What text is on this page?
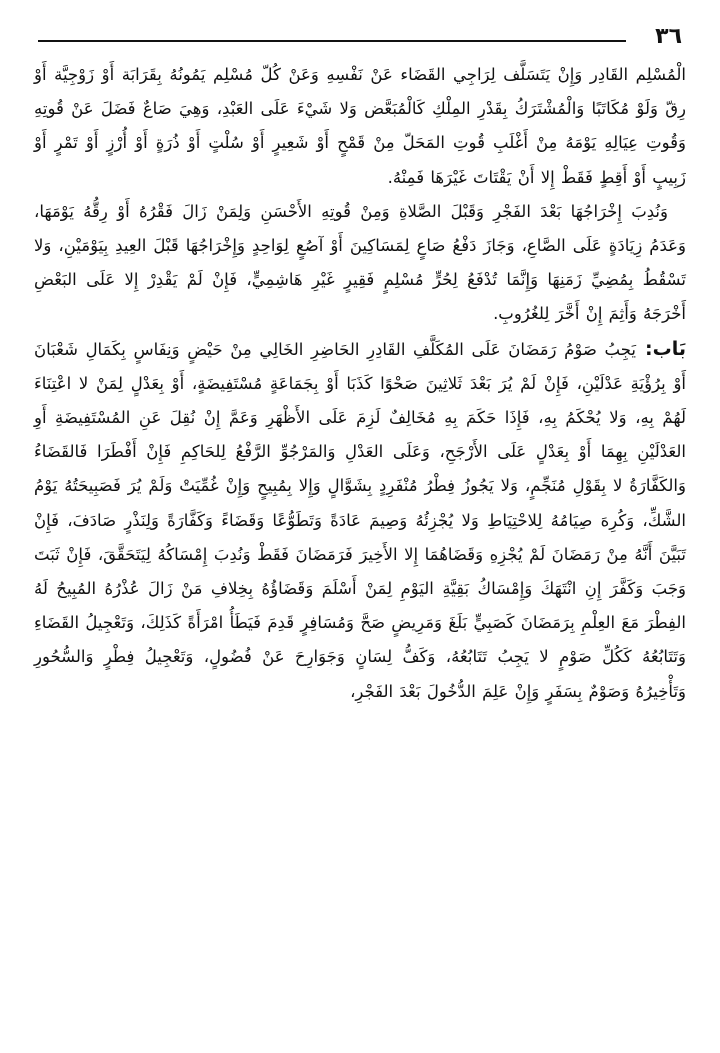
٣٦

الْمُسْلِم القَادِر وَإِنْ يَتَسَلَّف لِرَاجِي القَضَاء عَنْ نَفْسِهِ وَعَنْ كُلّ مُسْلِم يَمُونُهُ بِقَرَابَة أَوْ زَوْجِيَّة أَوْ رِقّ وَلَوْ مُكَاتَبًا وَالْمُشْتَرَكُ بِقَدْرِ المِلْكِ كَالْمُبَعَّض وَلا شَيْءَ عَلَى العَبْدِ، وَهِيَ صَاعٌ فَضَلَ عَنْ قُوتِهِ وَقُوتِ عِيَالِهِ يَوْمَهُ مِنْ أَغْلَبِ قُوتِ المَحَلّ مِنْ قَمْحٍ أَوْ شَعِيرٍ أَوْ سُلْتٍ أَوْ ذُرَةٍ أَوْ أُرْزٍ أَوْ تَمْرٍ أَوْ زَبِيبٍ أَوْ أَقِطٍ فَقَطْ إِلا أَنْ يَقْتَاتَ غَيْرَهَا فَمِنْهُ.

وَنُدِبَ إِخْرَاجُهَا بَعْدَ الفَجْرِ وَقَبْلَ الصَّلاةِ وَمِنْ قُوتِهِ الأَحْسَنِ وَلِمَنْ زَالَ فَقْرُهُ أَوْ رِقُّهُ يَوْمَهَا، وَعَدَمُ زِيَادَةٍ عَلَى الصَّاعِ، وَجَازَ دَفْعُ صَاعٍ لِمَسَاكِينَ أَوْ آصُعٍ لِوَاحِدٍ وَإِخْرَاجُهَا قَبْلَ العِيدِ بِيَوْمَيْنِ، وَلا تَسْقُطُ بِمُضِيِّ زَمَنِهَا وَإِنَّمَا تُدْفَعُ لِحُرٍّ مُسْلِمٍ فَقِيرٍ غَيْرِ هَاشِمِيٍّ، فَإِنْ لَمْ يَقْدِرْ إِلا عَلَى البَعْضِ أَخْرَجَهُ وَأَثِمَ إِنْ أَخَّرَ لِلغُرُوبِ.

بَاب: يَجِبُ صَوْمُ رَمَضَانَ عَلَى المُكَلَّفِ القَادِرِ الحَاضِرِ الخَالِي مِنْ حَيْضٍ وَنِفَاسٍ بِكَمَالِ شَعْبَانَ أَوْ بِرُؤْيَةِ عَدْلَيْنِ، فَإِنْ لَمْ يُرَ بَعْدَ ثَلاثِينَ صَحْوًا كَذَبَا أَوْ بِجَمَاعَةٍ مُسْتَفِيضَةٍ، أَوْ بِعَدْلٍ لِمَنْ لا اعْتِنَاءَ لَهُمْ بِهِ، وَلا يُحْكَمُ بِهِ، فَإِذَا حَكَمَ بِهِ مُخَالِفٌ لَزِمَ عَلَى الأَظْهَرِ وَعَمَّ إِنْ نُقِلَ عَنِ المُسْتَفِيضَةِ أَوِ العَدْلَيْنِ بِهِمَا أَوْ بِعَدْلٍ عَلَى الأَرْجَحِ، وَعَلَى العَدْلِ وَالمَرْجُوِّ الرَّفْعُ لِلحَاكِمِ فَإِنْ أَفْطَرَا فَالقَضَاءُ وَالكَفَّارَةُ لا بِقَوْلِ مُنَجِّمٍ، وَلا يَجُوزُ فِطْرُ مُنْفَرِدٍ بِشَوَّالٍ وَإِلا بِمُبِيحٍ وَإِنْ غُمِّيَتْ وَلَمْ يُرَ فَصَبِيحَتُهُ يَوْمُ الشَّكِّ، وَكُرِهَ صِيَامُهُ لِلاحْتِيَاطِ وَلا يُجْزِئُهُ وَصِيمَ عَادَةً وَتَطَوُّعًا وَقَضَاءً وَكَفَّارَةً وَلِنَذْرٍ صَادَفَ، فَإِنْ تَبَيَّنَ أَنَّهُ مِنْ رَمَضَانَ لَمْ يُجْزِهِ وَقَضَاهُمَا إِلا الأَخِيرَ فَرَمَضَانَ فَقَطْ وَنُدِبَ إِمْسَاكُهُ لِيَتَحَقَّقَ، فَإِنْ ثَبَتَ وَجَبَ وَكَفَّرَ إِنِ انْتَهَكَ وَإِمْسَاكُ بَقِيَّةِ اليَوْمِ لِمَنْ أَسْلَمَ وَقَضَاؤُهُ بِخِلافِ مَنْ زَالَ عُذْرُهُ المُبِيحُ لَهُ الفِطْرَ مَعَ العِلْمِ بِرَمَضَانَ كَصَبِيٍّ بَلَغَ وَمَرِيضٍ صَحَّ وَمُسَافِرٍ قَدِمَ فَيَطَأُ امْرَأَةً كَذَلِكَ، وَتَعْجِيلُ القَضَاءِ وَتَتَابُعُهُ كَكُلِّ صَوْمٍ لا يَجِبُ تَتَابُعُهُ، وَكَفُّ لِسَانٍ وَجَوَارِحَ عَنْ فُضُولٍ، وَتَعْجِيلُ فِطْرٍ وَالسُّحُورِ وَتَأْخِيرُهُ وَصَوْمٌ بِسَفَرٍ وَإِنْ عَلِمَ الدُّخُولَ بَعْدَ الفَجْرِ،
